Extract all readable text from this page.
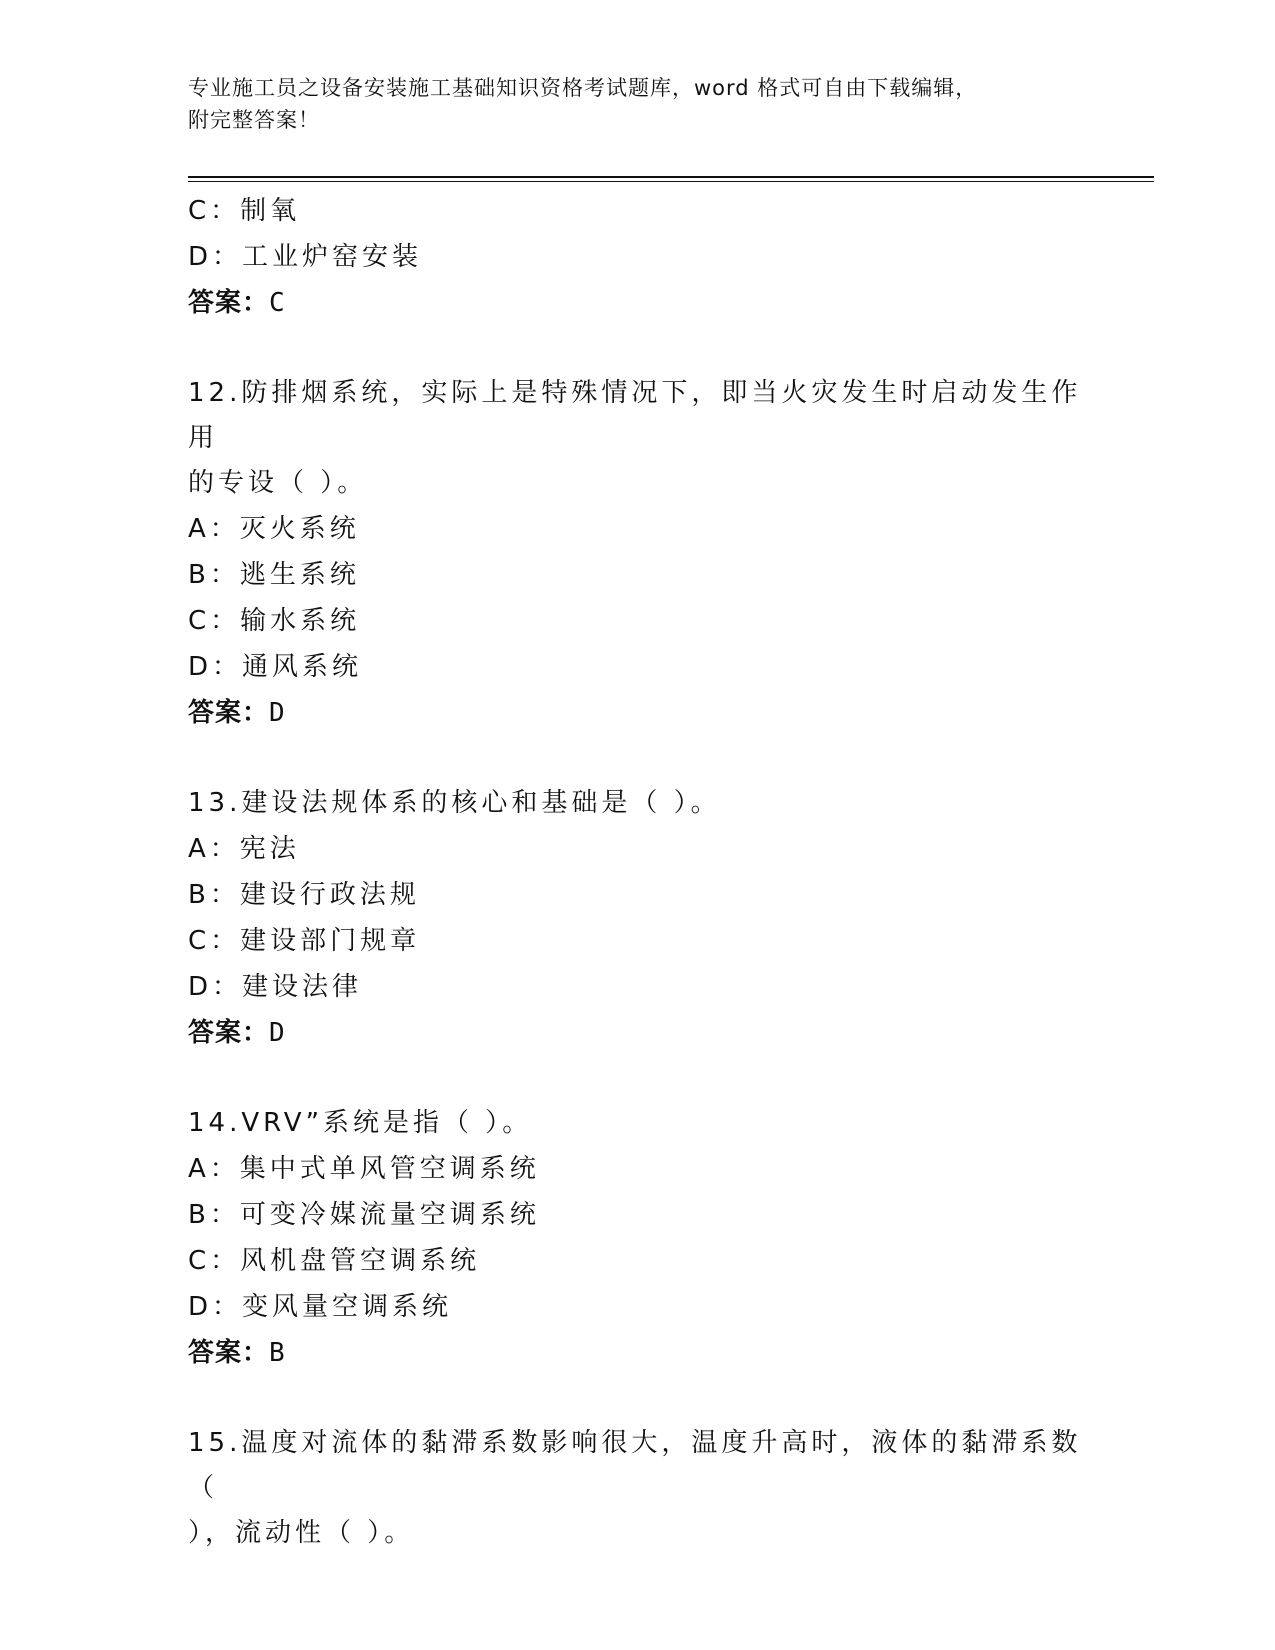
专业施工员之设备安装施工基础知识资格考试题库，word 格式可自由下载编辑，
附完整答案！
C：制氧
D：工业炉窑安装
答案：C
12.防排烟系统，实际上是特殊情况下，即当火灾发生时启动发生作用
的专设（ ）。
A：灭火系统
B：逃生系统
C：输水系统
D：通风系统
答案：D
13.建设法规体系的核心和基础是（ ）。
A：宪法
B：建设行政法规
C：建设部门规章
D：建设法律
答案：D
14.VRV”系统是指（ ）。
A：集中式单风管空调系统
B：可变冷媒流量空调系统
C：风机盘管空调系统
D：变风量空调系统
答案：B
15.温度对流体的黏滞系数影响很大，温度升高时，液体的黏滞系数（
），流动性（ ）。
